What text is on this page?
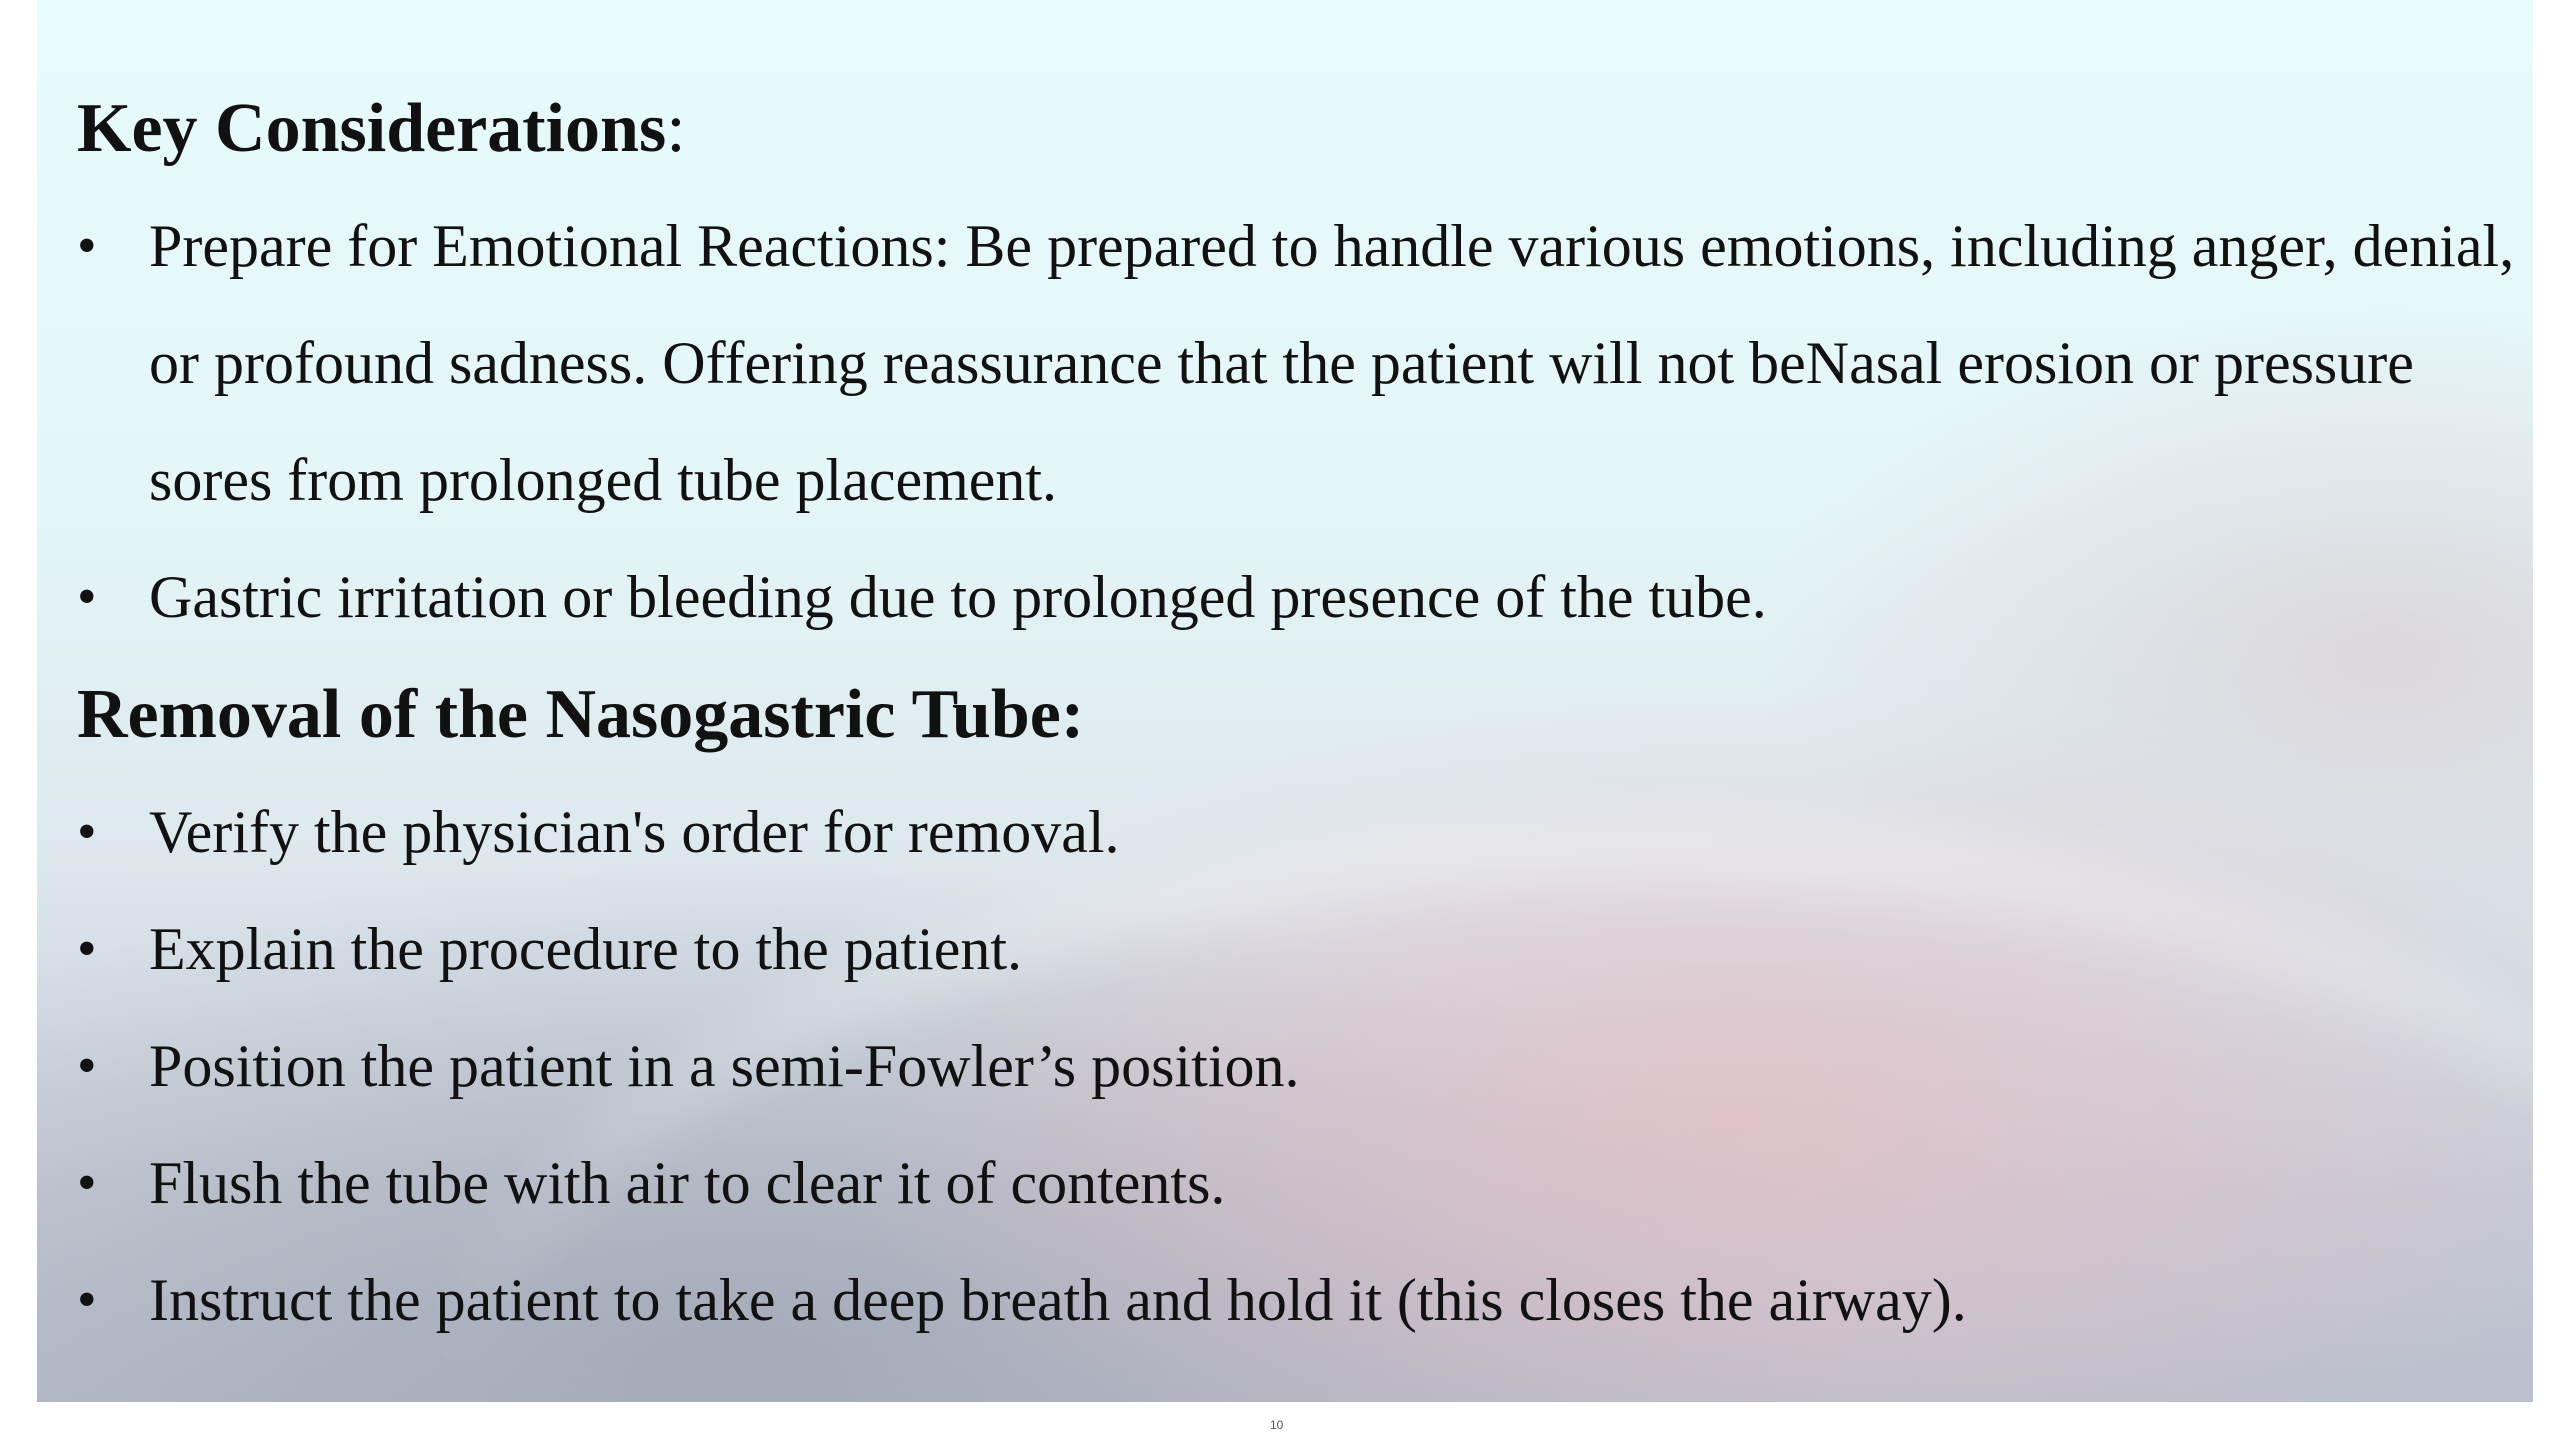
Key Considerations:
• Prepare for Emotional Reactions: Be prepared to handle various emotions, including anger, denial, or profound sadness. Offering reassurance that the patient will not beNasal erosion or pressure sores from prolonged tube placement.
• Gastric irritation or bleeding due to prolonged presence of the tube.
Removal of the Nasogastric Tube:
• Verify the physician's order for removal.
• Explain the procedure to the patient.
• Position the patient in a semi-Fowler’s position.
• Flush the tube with air to clear it of contents.
• Instruct the patient to take a deep breath and hold it (this closes the airway).
10
